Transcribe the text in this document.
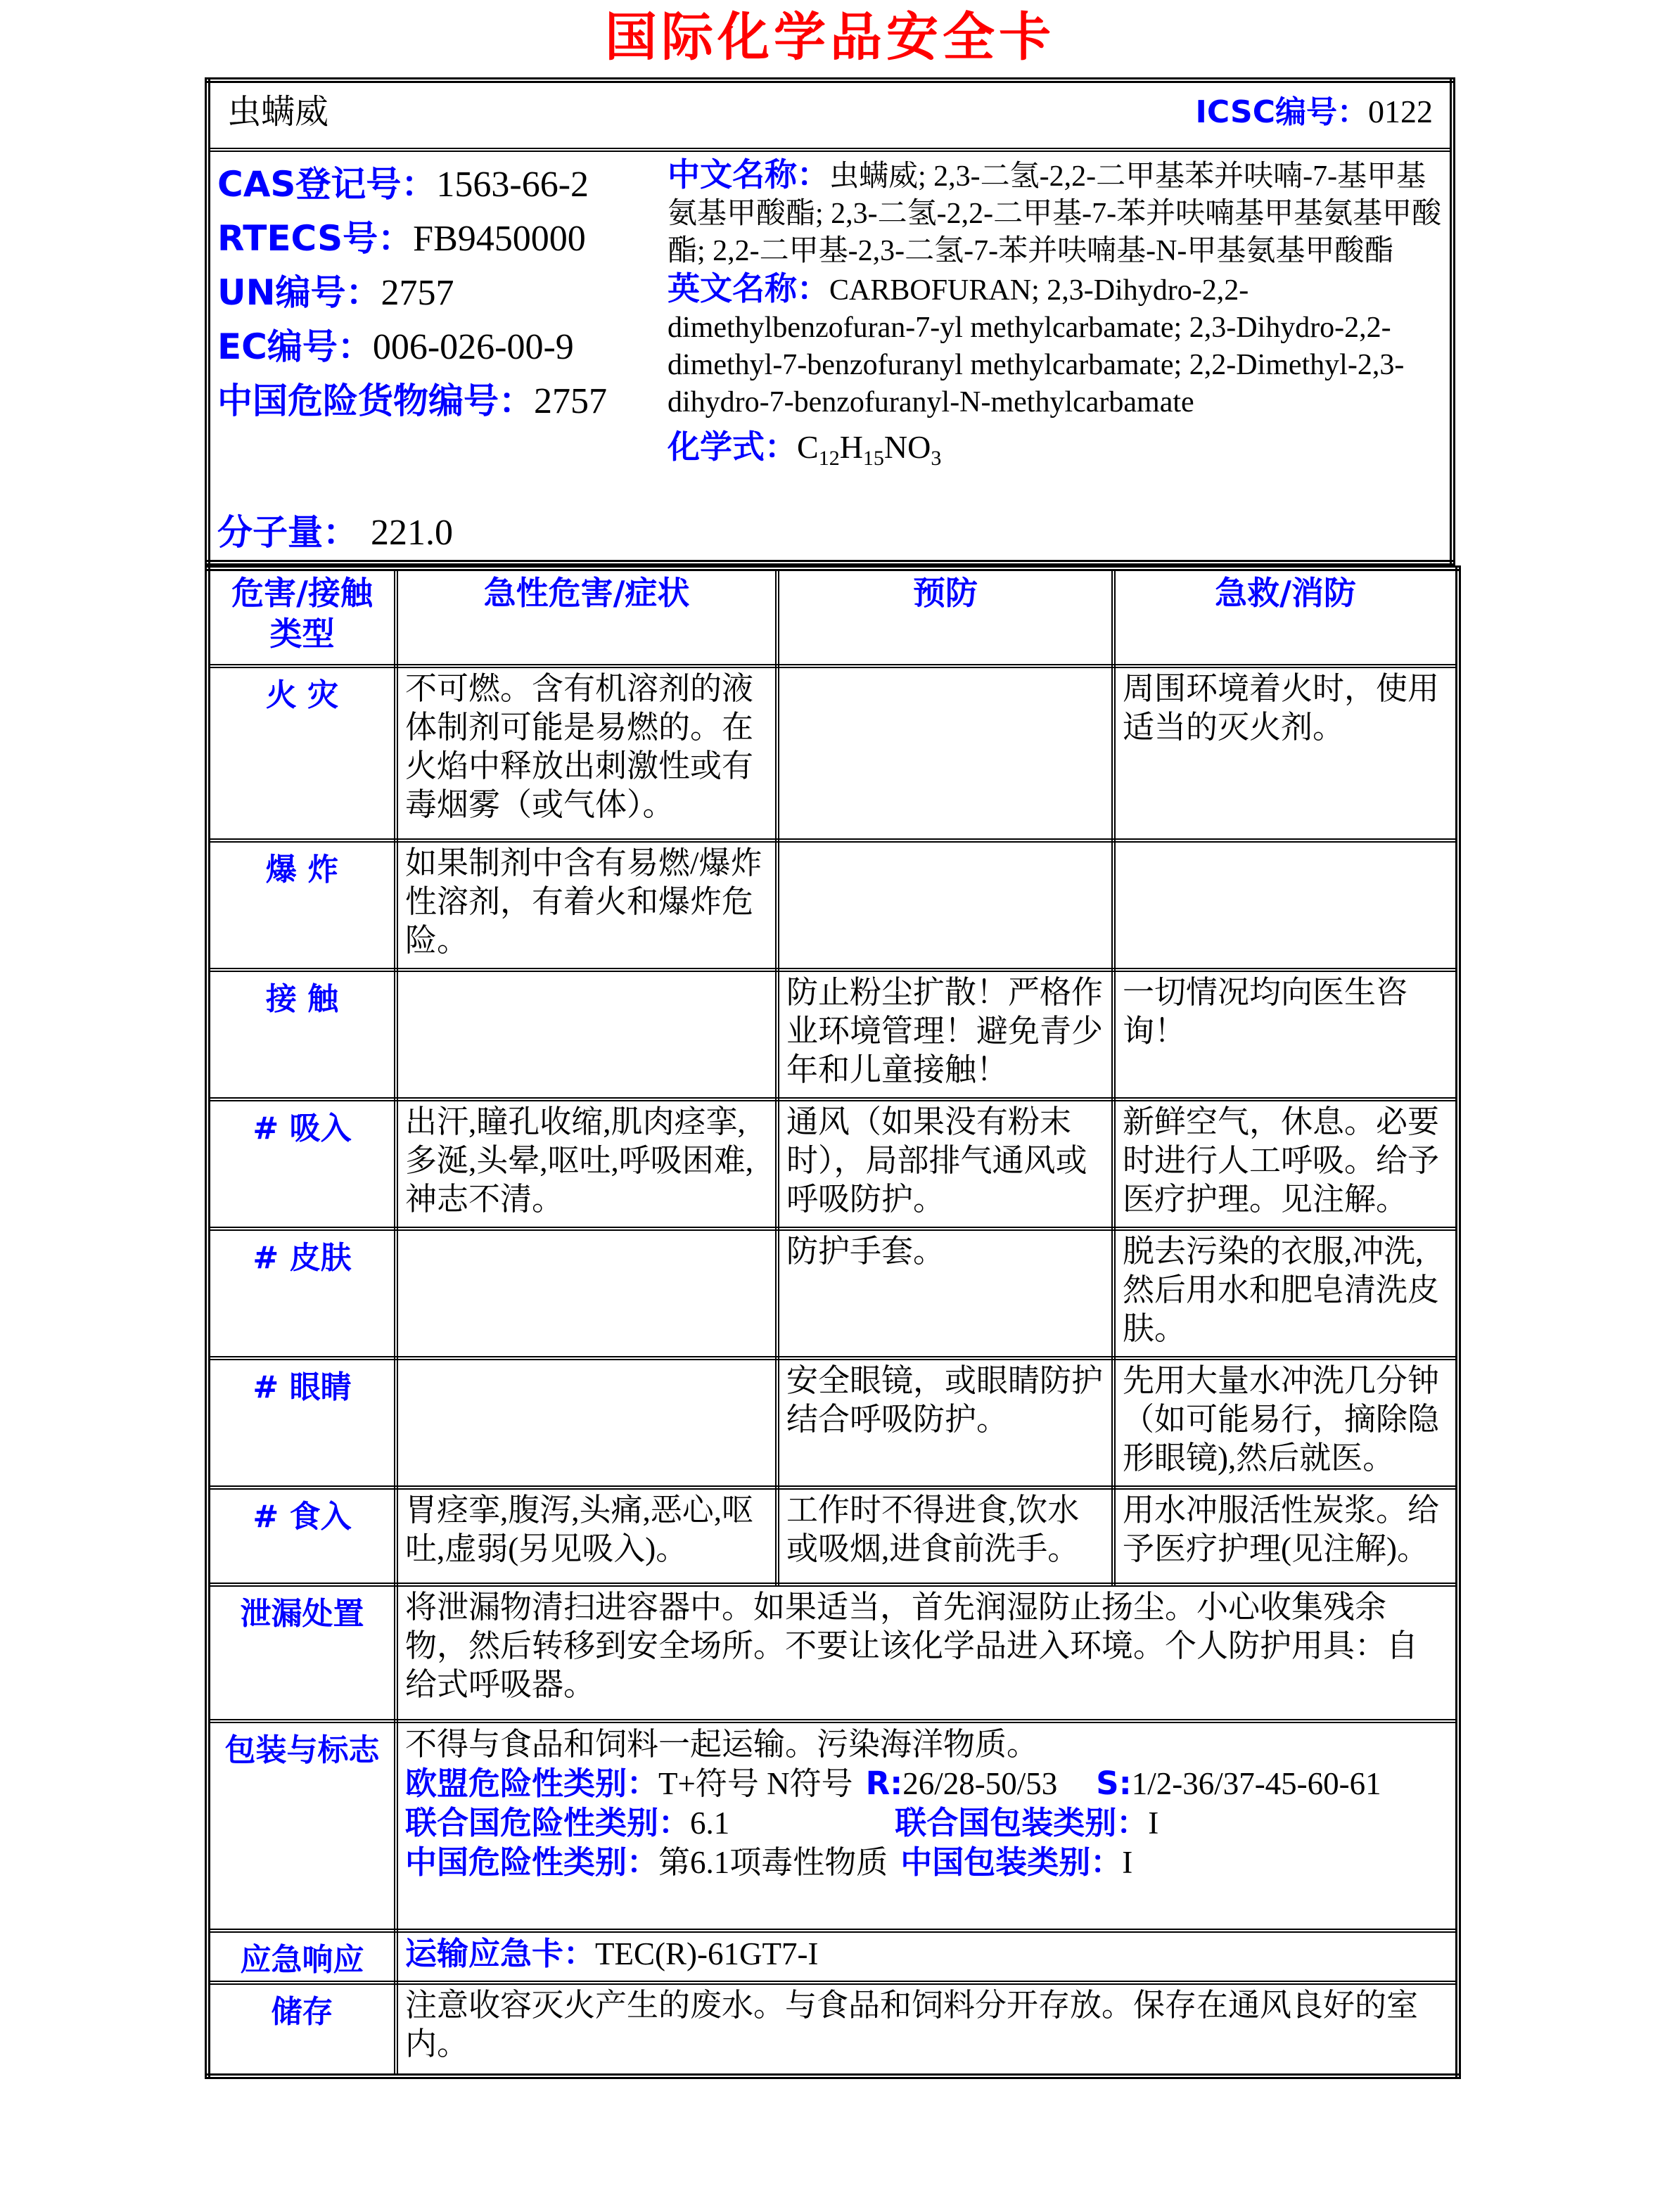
国际化学品安全卡
虫螨威	ICSC编号：0122

CAS登记号：1563-66-2
RTECS号：FB9450000
UN编号：2757
EC编号：006-026-00-9
中国危险货物编号：2757
分子量： 221.0

中文名称：虫螨威; 2,3-二氢-2,2-二甲基苯并呋喃-7-基甲基氨基甲酸酯; 2,3-二氢-2,2-二甲基-7-苯并呋喃基甲基氨基甲酸酯; 2,2-二甲基-2,3-二氢-7-苯并呋喃基-N-甲基氨基甲酸酯

英文名称：CARBOFURAN; 2,3-Dihydro-2,2-dimethylbenzofuran-7-yl methylcarbamate; 2,3-Dihydro-2,2-dimethyl-7-benzofuranyl methylcarbamate; 2,2-Dimethyl-2,3-dihydro-7-benzofuranyl-N-methylcarbamate

化学式：$C_{12}H_{15}NO_3$
危害/接触类型	急性危害/症状	预防	急救/消防
火 灾	不可燃。含有机溶剂的液体制剂可能是易燃的。在火焰中释放出刺激性或有毒烟雾（或气体）。		周围环境着火时，使用适当的灭火剂。
爆 炸	如果制剂中含有易燃/爆炸性溶剂，有着火和爆炸危险。		
接 触		防止粉尘扩散！严格作业环境管理！避免青少年和儿童接触！	一切情况均向医生咨询！
# 吸入	出汗,瞳孔收缩,肌肉痉挛,多涎,头晕,呕吐,呼吸困难,神志不清。	通风（如果没有粉末时），局部排气通风或呼吸防护。	新鲜空气，休息。必要时进行人工呼吸。给予医疗护理。见注解。
# 皮肤		防护手套。	脱去污染的衣服,冲洗,然后用水和肥皂清洗皮肤。
# 眼睛		安全眼镜，或眼睛防护结合呼吸防护。	先用大量水冲洗几分钟（如可能易行，摘除隐形眼镜),然后就医。
# 食入	胃痉挛,腹泻,头痛,恶心,呕吐,虚弱(另见吸入)。	工作时不得进食,饮水或吸烟,进食前洗手。	用水冲服活性炭浆。给予医疗护理(见注解)。
泄漏处置	将泄漏物清扫进容器中。如果适当，首先润湿防止扬尘。小心收集残余物，然后转移到安全场所。不要让该化学品进入环境。个人防护用具：自给式呼吸器。		
包装与标志	不得与食品和饲料一起运输。污染海洋物质。

欧盟危险性类别：T+符号 N符号 R:26/28-50/53 S:1/2-36/37-45-60-61

联合国危险性类别：6.1 联合国包装类别：I

中国危险性类别：第6.1项毒性物质 中国包装类别：I		

应急响应	运输应急卡：TEC(R)-61GT7-I		
储存	注意收容灭火产生的废水。与食品和饲料分开存放。保存在通风良好的室内。		
